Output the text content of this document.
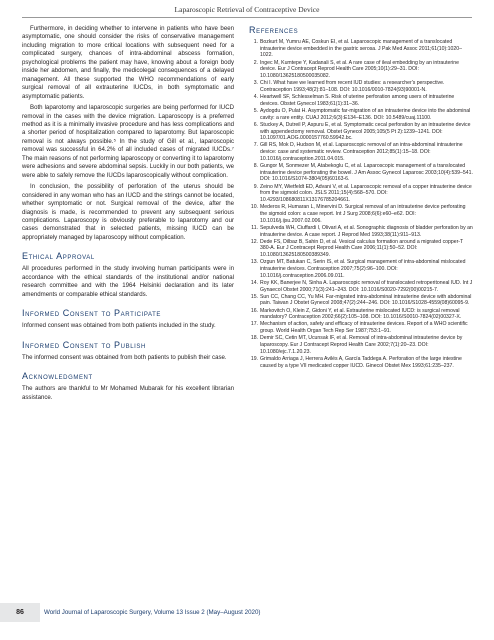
Laparoscopic Retrieval of Contraceptive Device

Furthermore, in deciding whether to intervene in patients who have been asymptomatic, one should consider the risks of conservative management including migration to more critical locations with subsequent need for a complicated surgery, chances of intra-abdominal abscess formation, psychological problems the patient may have, knowing about a foreign body inside her abdomen, and finally, the medicolegal consequences of a delayed management. All these supported the WHO recommendations of early surgical removal of all extrauterine IUCDs, in both symptomatic and asymptomatic patients.

Both laparotomy and laparoscopic surgeries are being performed for IUCD removal in the cases with the device migration. Laparoscopy is a preferred method as it is a minimally invasive procedure and has less complications and a shorter period of hospitalization compared to laparotomy. But laparoscopic removal is not always possible.⁵ In the study of Gill et al., laparoscopic removal was successful in 64.2% of all included cases of migrated IUCDs.⁷ The main reasons of not performing laparoscopy or converting it to laparotomy were adhesions and severe abdominal sepsis. Luckily in our both patients, we were able to safely remove the IUCDs laparoscopically without complication.

In conclusion, the possibility of perforation of the uterus should be considered in any woman who has an IUCD and the strings cannot be located, whether symptomatic or not. Surgical removal of the device, after the diagnosis is made, is recommended to prevent any subsequent serious complications. Laparoscopy is obviously preferable to laparotomy and our cases demonstrated that in selected patients, missing IUCD can be appropriately managed by laparoscopy without complication.

Ethical Approval

All procedures performed in the study involving human participants were in accordance with the ethical standards of the institutional and/or national research committee and with the 1964 Helsinki declaration and its later amendments or comparable ethical standards.

Informed Consent to Participate

Informed consent was obtained from both patients included in the study.

Informed Consent to Publish

The informed consent was obtained from both patients to publish their case.

Acknowledgment

The authors are thankful to Mr Mohamed Mubarak for his excellent librarian assistance.

References
1. Bozkurt M, Yumru AE, Coskun EI, et al. Laparoscopic management of a translocated intrauterine device embedded in the gastric serosa. J Pak Med Assoc 2011;61(10):1020–1022.
2. Ingec M, Kumtepe Y, Kadanali S, et al. A rare case of ileal embedding by an intrauterine device. Eur J Contracept Reprod Health Care 2005;10(1):29–31. DOI: 10.1080/13625180500035082.
3. Chi I. What have we learned from recent IUD studies: a researcher's perspective. Contraception 1993;48(2):81–108. DOI: 10.1016/0010-7824(93)90001-N.
4. Heartwell SF, Schlesselman S. Risk of uterine perforation among users of intrauterine devices. Obstet Gynecol 1983;61(1):31–36.
5. Aydogdu O, Pulat H. Asymptomatic far-migration of an intrauterine device into the abdominal cavity: a rare entity. CUAJ 2012;6(3):E134–E136. DOI: 10.5489/cuaj.11100.
6. Stuckey A, Dutreil P, Aspuru E, et al. Symptomatic cecal perforation by an intrauterine device with appendectomy removal. Obstet Gynecol 2005;105(5 Pt 2):1239–1241. DOI: 10.1097/01.AOG.0000157760.59942.bc.
7. Gill RS, Mok D, Hudson M, et al. Laparoscopic removal of an intra-abdominal intrauterine device: case and systematic review. Contraception 2012;85(1):15–18. DOI: 10.1016/j.contraception.2011.04.015.
8. Gungor M, Sonmezer M, Atabekoglu C, et al. Laparoscopic management of a translocated intrauterine device perforating the bowel. J Am Assoc Gynecol Laparosc 2003;10(4):539–541. DOI: 10.1016/S1074-3804(05)60163-6.
9. Zeino MY, Wietfeldt ED, Advani V, et al. Laparoscopic removal of a copper intrauterine device from the sigmoid colon. JSLS 2011;15(4):568–570. DOI: 10.4293/108680811X13176785204661.
10. Mederos R, Humaran L, Minervini D. Surgical removal of an intrauterine device perforating the sigmoid colon: a case report. Int J Surg 2008;6(6):e60–e62. DOI: 10.1016/j.ijsu.2007.02.006.
11. Sepulveda WH, Ciuffardi I, Olivari A, et al. Sonographic diagnosis of bladder perforation by an intrauterine device. A case report. J Reprod Med 1993;38(11):911–913.
12. Dede FS, Dilbaz B, Sahin D, et al. Vesical calculus formation around a migrated copper-T 380-A. Eur J Contracept Reprod Health Care 2006;11(1):50–52. DOI: 10.1080/13625180500389349.
13. Ozgun MT, Batukan C, Serin IS, et al. Surgical management of intra-abdominal mislocated intrauterine devices. Contraception 2007;75(2):96–100. DOI: 10.1016/j.contraception.2006.09.011.
14. Roy KK, Banerjee N, Sinha A. Laparoscopic removal of translocated retroperitoneal IUD. Int J Gynaecol Obstet 2000;71(3):241–243. DOI: 10.1016/S0020-7292(00)00215-7.
15. Sun CC, Chang CC, Yu MH. Far-migrated intra-abdominal intrauterine device with abdominal pain. Taiwan J Obstet Gynecol 2008;47(2):244–246. DOI: 10.1016/S1028-4559(08)60095-9.
16. Markovitch O, Klein Z, Gidoni Y, et al. Extrauterine mislocated IUCD: is surgical removal mandatory? Contraception 2002;66(2):105–108. DOI: 10.1016/S0010-7824(02)00327-X.
17. Mechanism of action, safety and efficacy of intrauterine devices. Report of a WHO scientific group. World Health Organ Tech Rep Ser 1987;753:1–91.
18. Demir SC, Cetin MT, Ucunsak IF, et al. Removal of intra-abdominal intrauterine device by laparoscopy. Eur J Contracept Reprod Health Care 2002;7(1):20–23. DOI: 10.1080/ejc.7.1.20.23.
19. Grimaldo Arriaga J, Herrera Avilés A, García Taddega A. Perforation of the large intestine caused by a type VII medicated copper IUCD. Ginecol Obstet Mex 1993;61:235–237.
86	World Journal of Laparoscopic Surgery, Volume 13 Issue 2 (May–August 2020)
